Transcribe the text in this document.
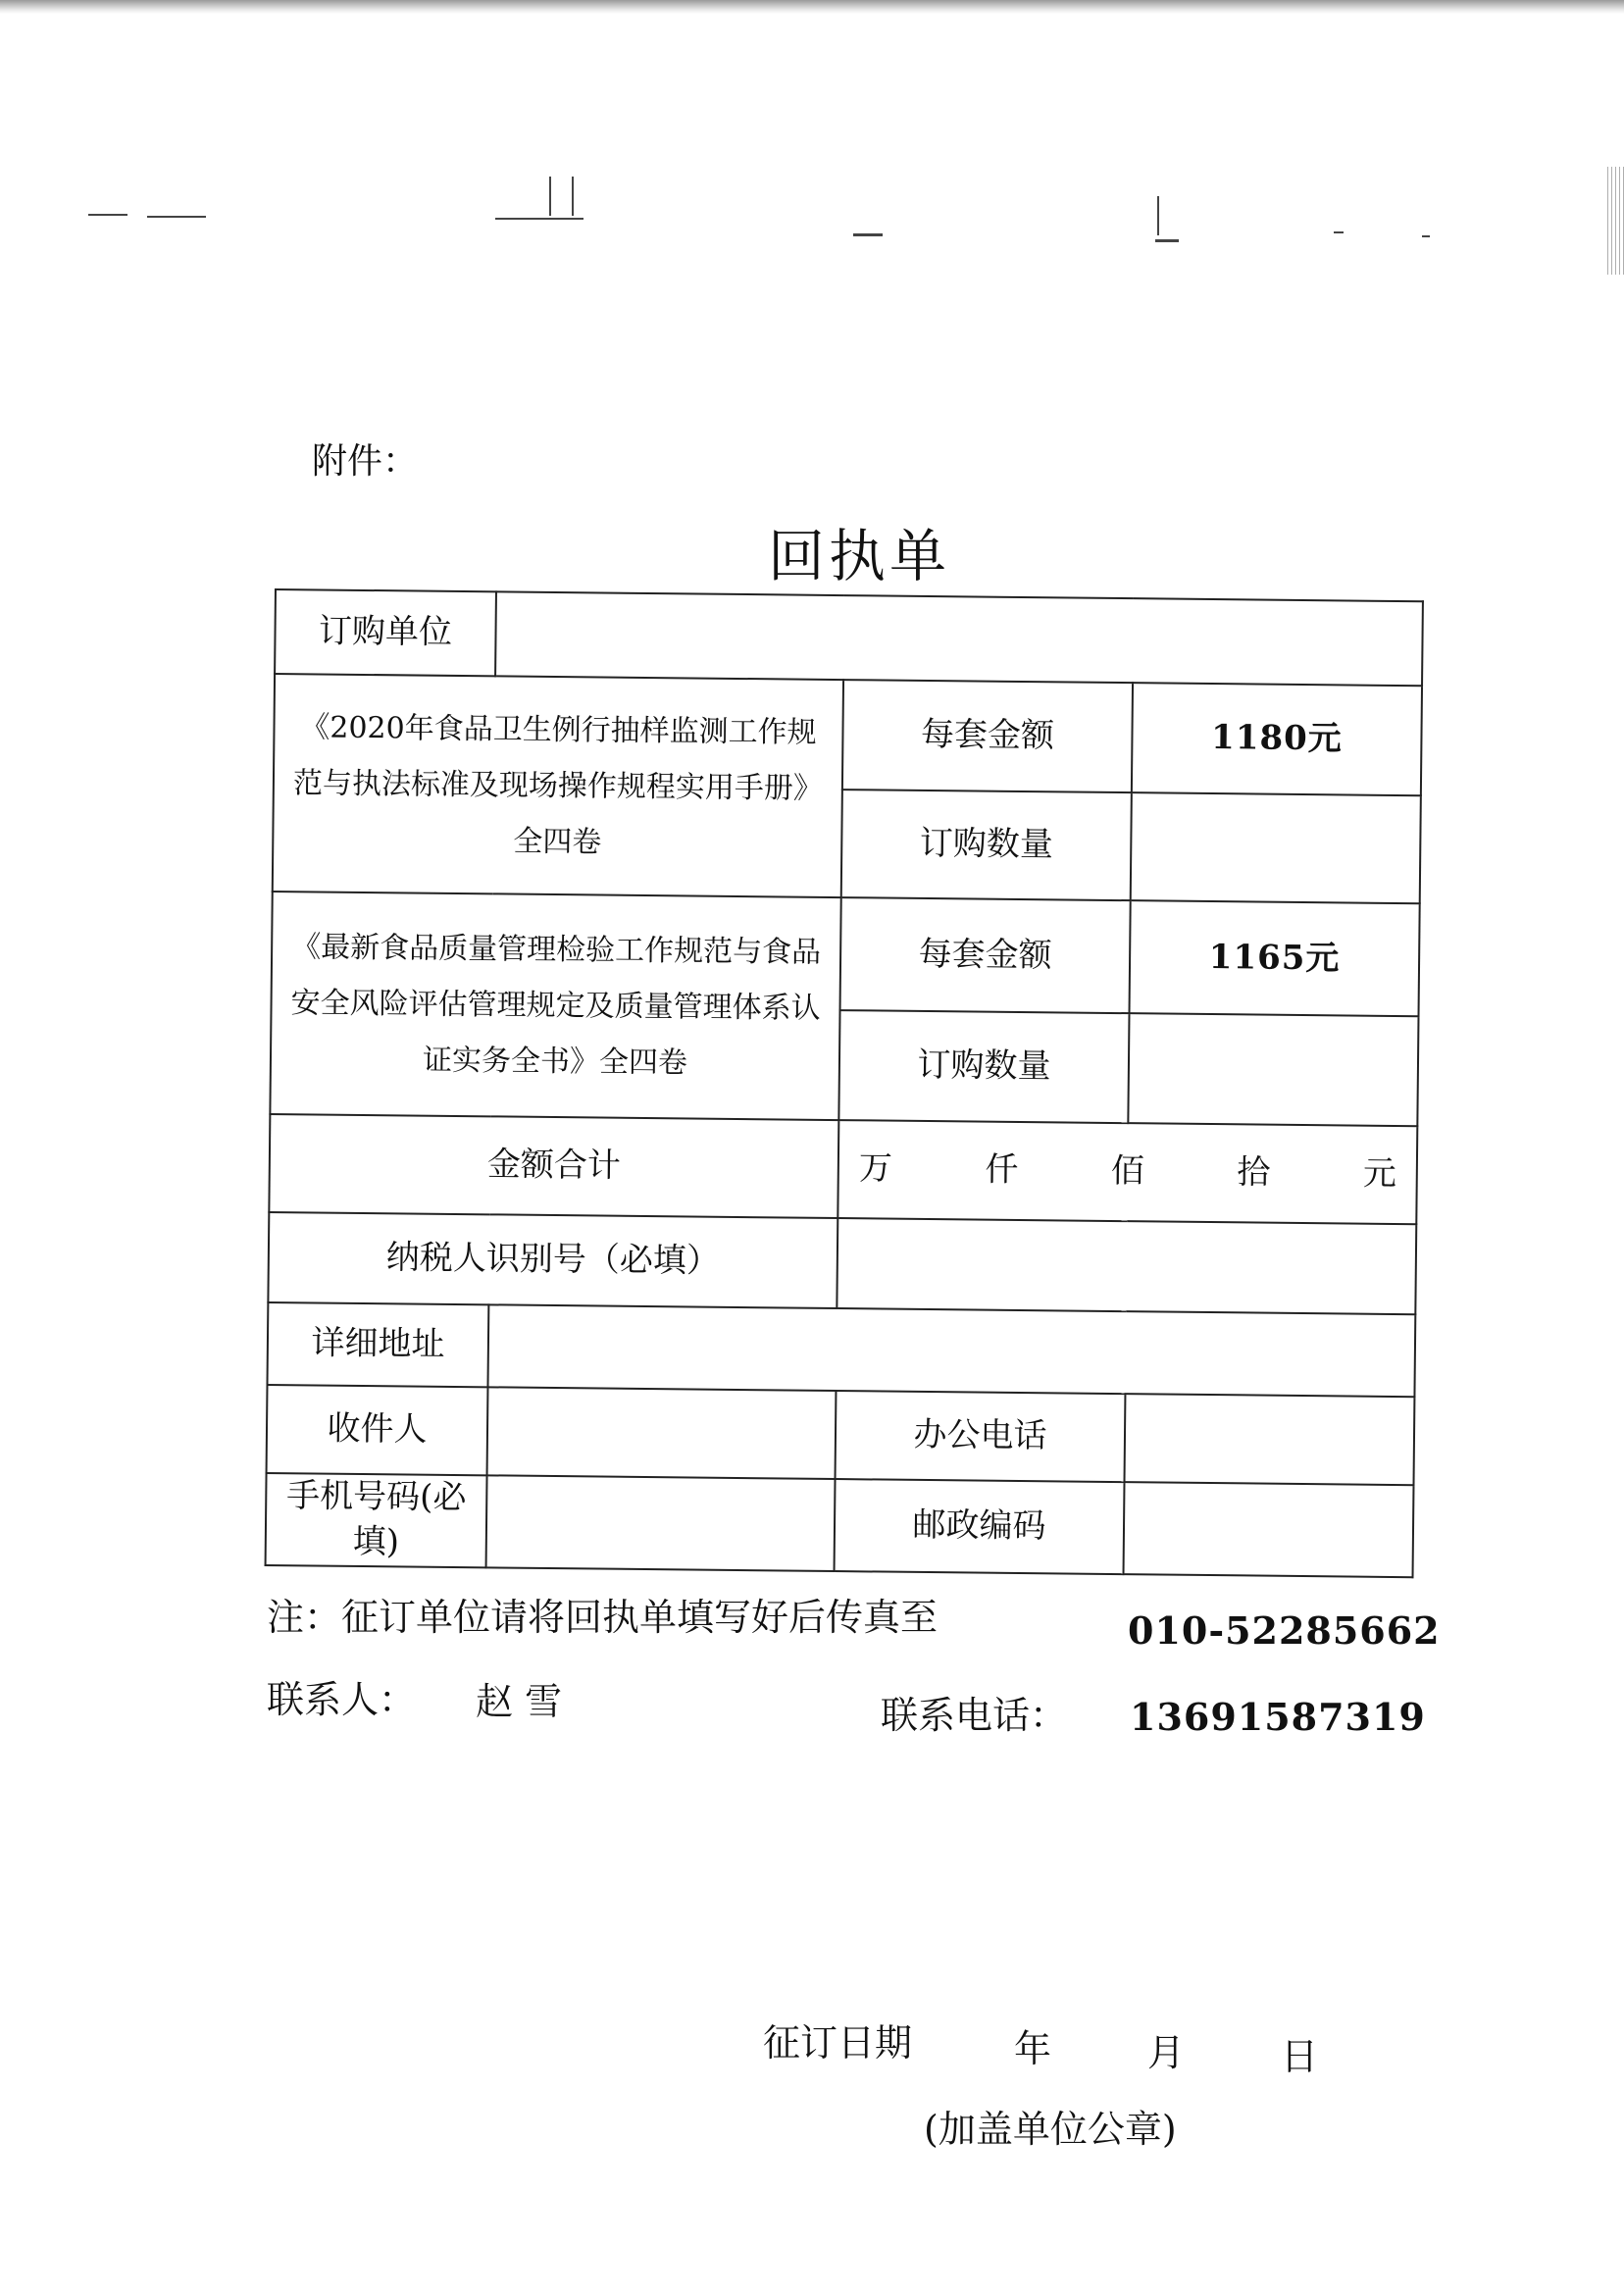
附件：
回执单
订购单位			
《2020年食品卫生例行抽样监测工作规范与执法标准及现场操作规程实用手册》全四卷		每套金额	1180元
		订购数量	
《最新食品质量管理检验工作规范与食品安全风险评估管理规定及质量管理体系认证实务全书》全四卷		每套金额	1165元
		订购数量	
金额合计		万 仟 佰 拾 元	

纳税人识别号（必填）			
详细地址			
收件人		办公电话	
手机号码(必填)		邮政编码	
注：征订单位请将回执单填写好后传真至	010-52285662
联系人： 赵 雪	联系电话： 13691587319
征订日期	年	月	日
(加盖单位公章)
